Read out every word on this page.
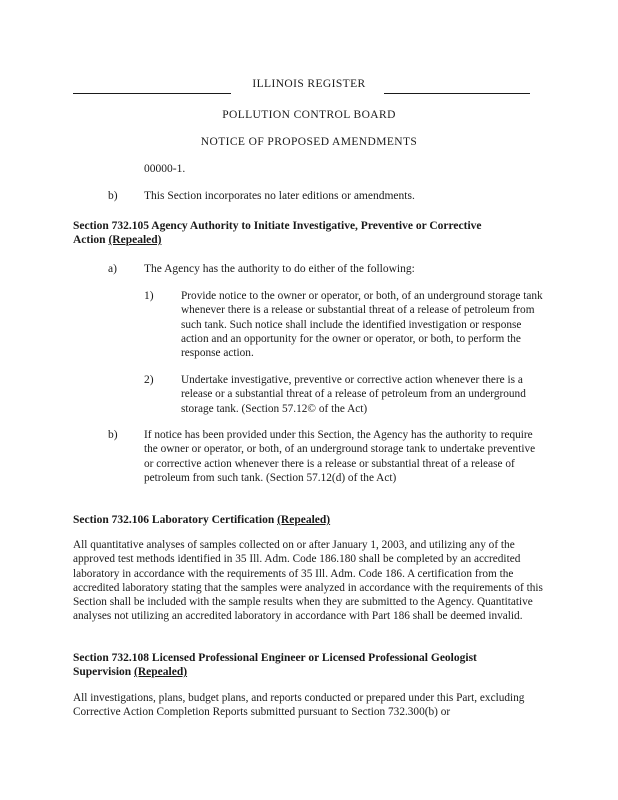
ILLINOIS REGISTER
POLLUTION CONTROL BOARD
NOTICE OF PROPOSED AMENDMENTS
00000-1.
b) This Section incorporates no later editions or amendments.
Section 732.105 Agency Authority to Initiate Investigative, Preventive or Corrective
Action (Repealed)
a) The Agency has the authority to do either of the following:
1) Provide notice to the owner or operator, or both, of an underground storage tank whenever there is a release or substantial threat of a release of petroleum from such tank. Such notice shall include the identified investigation or response action and an opportunity for the owner or operator, or both, to perform the response action.
2) Undertake investigative, preventive or corrective action whenever there is a release or a substantial threat of a release of petroleum from an underground storage tank. (Section 57.12© of the Act)
b) If notice has been provided under this Section, the Agency has the authority to require the owner or operator, or both, of an underground storage tank to undertake preventive or corrective action whenever there is a release or substantial threat of a release of petroleum from such tank. (Section 57.12(d) of the Act)
Section 732.106 Laboratory Certification (Repealed)
All quantitative analyses of samples collected on or after January 1, 2003, and utilizing any of the approved test methods identified in 35 Ill. Adm. Code 186.180 shall be completed by an accredited laboratory in accordance with the requirements of 35 Ill. Adm. Code 186. A certification from the accredited laboratory stating that the samples were analyzed in accordance with the requirements of this Section shall be included with the sample results when they are submitted to the Agency. Quantitative analyses not utilizing an accredited laboratory in accordance with Part 186 shall be deemed invalid.
Section 732.108 Licensed Professional Engineer or Licensed Professional Geologist
Supervision (Repealed)
All investigations, plans, budget plans, and reports conducted or prepared under this Part, excluding Corrective Action Completion Reports submitted pursuant to Section 732.300(b) or
